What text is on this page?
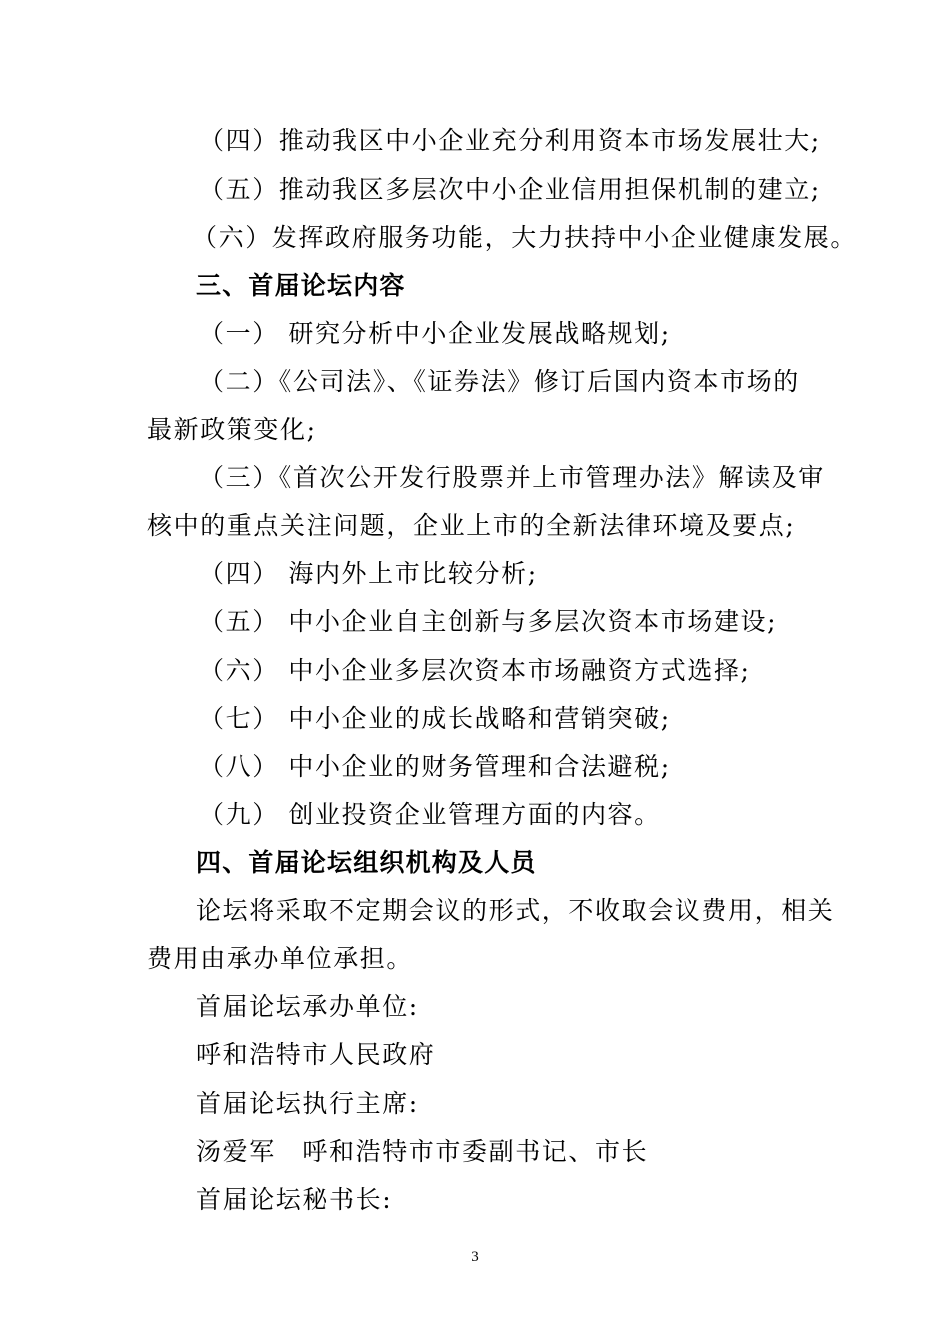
（四）推动我区中小企业充分利用资本市场发展壮大;
（五）推动我区多层次中小企业信用担保机制的建立;
（六）发挥政府服务功能，大力扶持中小企业健康发展。
三、首届论坛内容
（一） 研究分析中小企业发展战略规划;
（二）《公司法》、《证券法》修订后国内资本市场的
最新政策变化;
（三）《首次公开发行股票并上市管理办法》解读及审
核中的重点关注问题，企业上市的全新法律环境及要点;
（四） 海内外上市比较分析;
（五） 中小企业自主创新与多层次资本市场建设;
（六） 中小企业多层次资本市场融资方式选择;
（七） 中小企业的成长战略和营销突破;
（八） 中小企业的财务管理和合法避税;
（九） 创业投资企业管理方面的内容。
四、首届论坛组织机构及人员
论坛将采取不定期会议的形式，不收取会议费用，相关
费用由承办单位承担。
首届论坛承办单位:
呼和浩特市人民政府
首届论坛执行主席:
汤爱军　呼和浩特市市委副书记、市长
首届论坛秘书长:
3
